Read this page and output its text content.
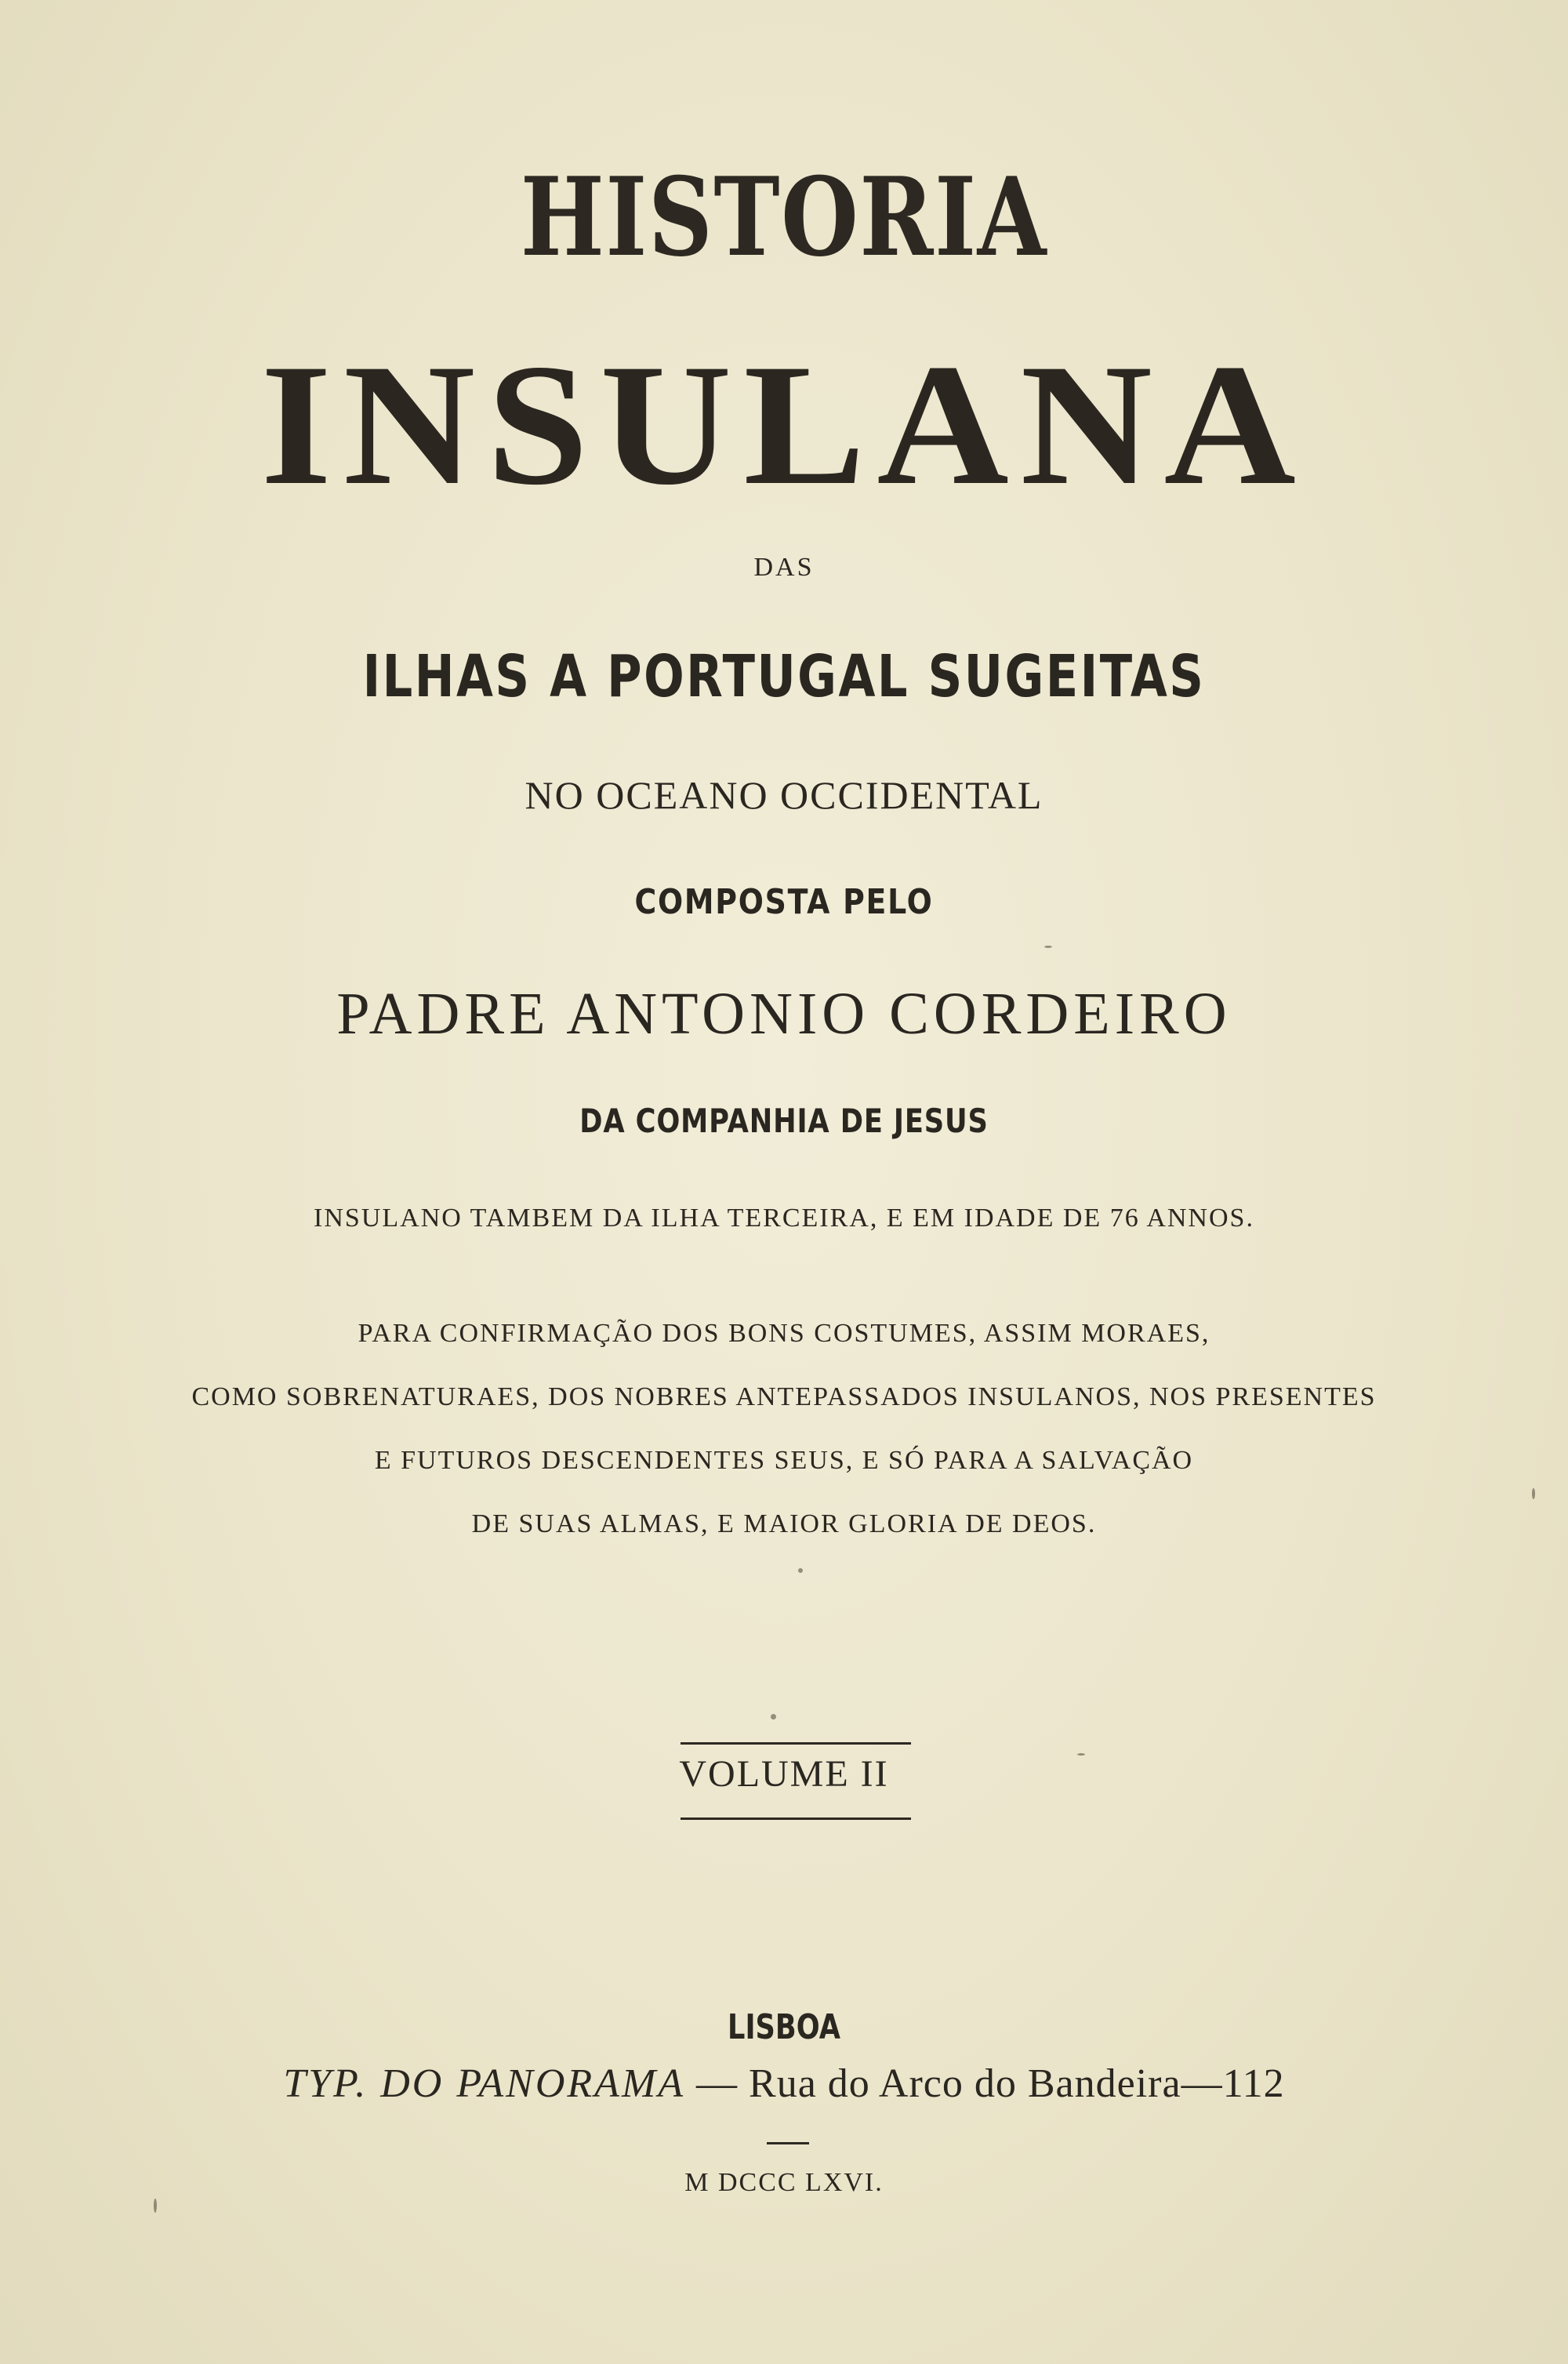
HISTORIA
INSULANA
DAS
ILHAS A PORTUGAL SUGEITAS
NO OCEANO OCCIDENTAL
COMPOSTA PELO
PADRE ANTONIO CORDEIRO
DA COMPANHIA DE JESUS
INSULANO TAMBEM DA ILHA TERCEIRA, E EM IDADE DE 76 ANNOS.
PARA CONFIRMAÇÃO DOS BONS COSTUMES, ASSIM MORAES,
COMO SOBRENATURAES, DOS NOBRES ANTEPASSADOS INSULANOS, NOS PRESENTES
E FUTUROS DESCENDENTES SEUS, E SÓ PARA A SALVAÇÃO
DE SUAS ALMAS, E MAIOR GLORIA DE DEOS.
VOLUME II
LISBOA
TYP. DO PANORAMA — Rua do Arco do Bandeira—112
M DCCC LXVI.
